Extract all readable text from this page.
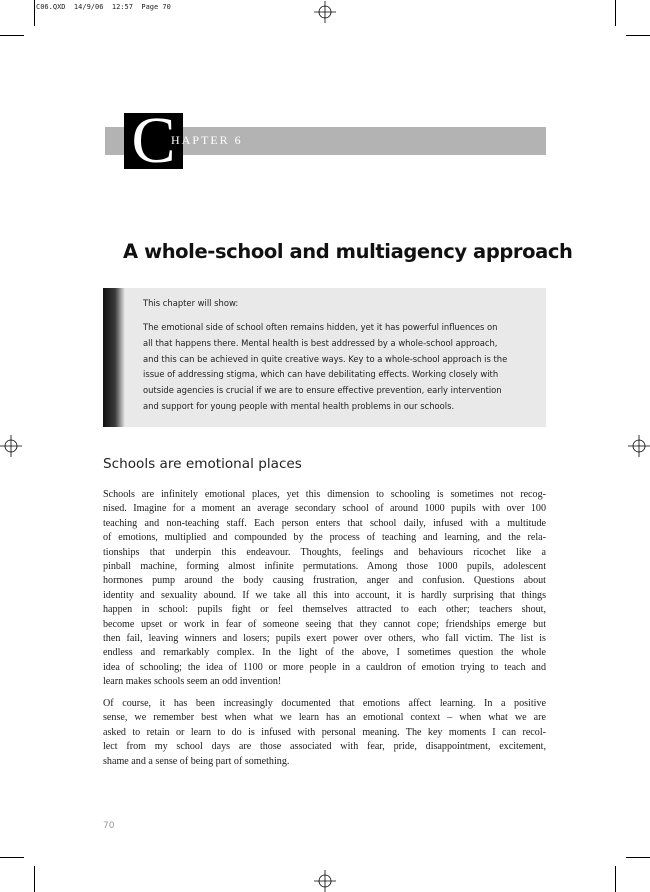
C06.QXD  14/9/06  12:57  Page 70
C
HAPTER 6
A whole-school and multiagency approach
This chapter will show:
The emotional side of school often remains hidden, yet it has powerful influences on
all that happens there. Mental health is best addressed by a whole-school approach,
and this can be achieved in quite creative ways. Key to a whole-school approach is the
issue of addressing stigma, which can have debilitating effects. Working closely with
outside agencies is crucial if we are to ensure effective prevention, early intervention
and support for young people with mental health problems in our schools.
Schools are emotional places
Schools are infinitely emotional places, yet this dimension to schooling is sometimes not recog-
nised. Imagine for a moment an average secondary school of around 1000 pupils with over 100
teaching and non-teaching staff. Each person enters that school daily, infused with a multitude
of emotions, multiplied and compounded by the process of teaching and learning, and the rela-
tionships that underpin this endeavour. Thoughts, feelings and behaviours ricochet like a
pinball machine, forming almost infinite permutations. Among those 1000 pupils, adolescent
hormones pump around the body causing frustration, anger and confusion. Questions about
identity and sexuality abound. If we take all this into account, it is hardly surprising that things
happen in school: pupils fight or feel themselves attracted to each other; teachers shout,
become upset or work in fear of someone seeing that they cannot cope; friendships emerge but
then fail, leaving winners and losers; pupils exert power over others, who fall victim. The list is
endless and remarkably complex. In the light of the above, I sometimes question the whole
idea of schooling; the idea of 1100 or more people in a cauldron of emotion trying to teach and
learn makes schools seem an odd invention!
Of course, it has been increasingly documented that emotions affect learning. In a positive
sense, we remember best when what we learn has an emotional context – when what we are
asked to retain or learn to do is infused with personal meaning. The key moments I can recol-
lect from my school days are those associated with fear, pride, disappointment, excitement,
shame and a sense of being part of something.
70
